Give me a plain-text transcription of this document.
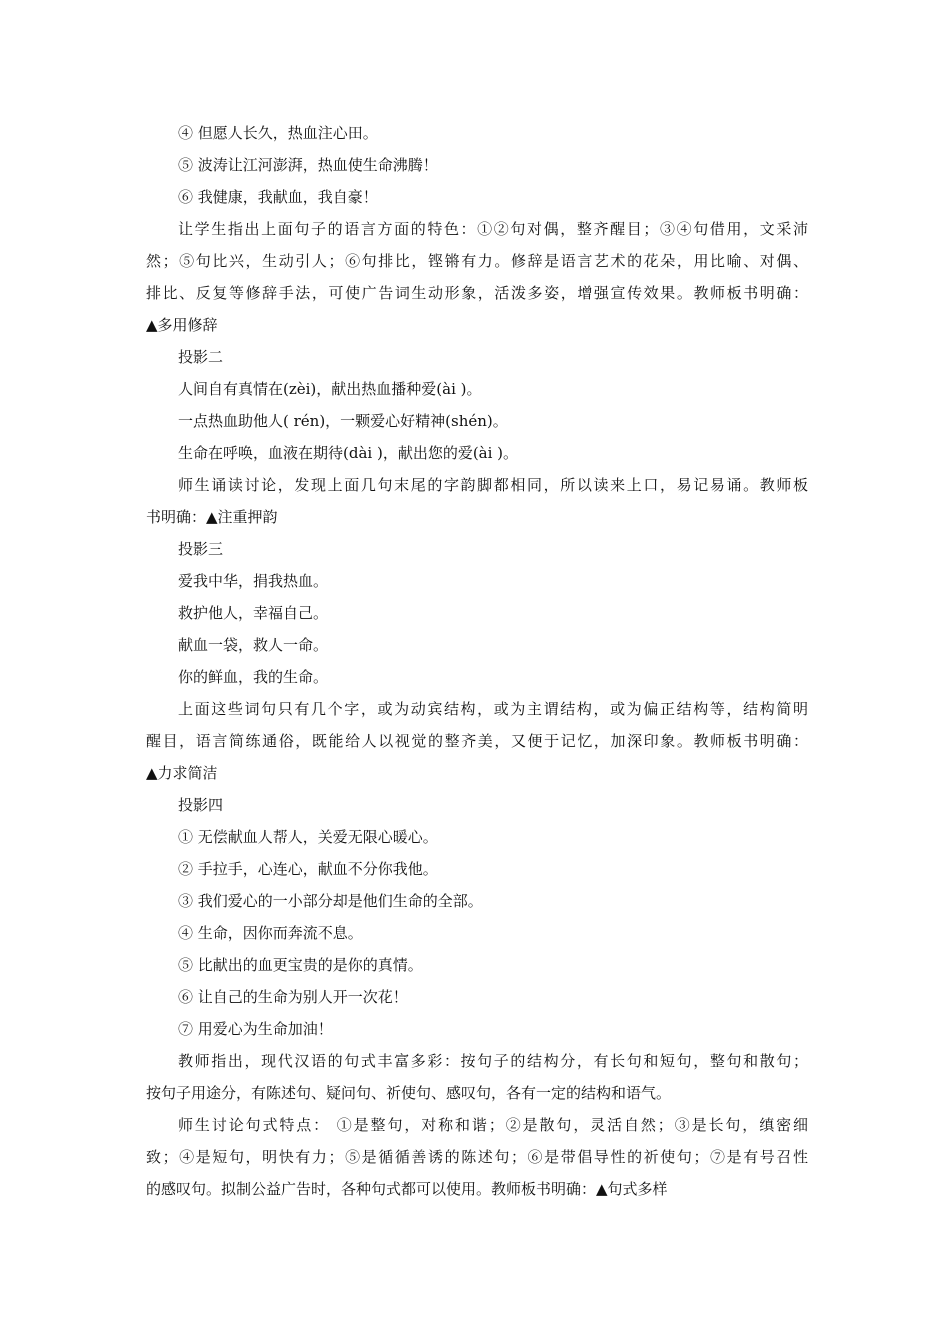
④ 但愿人长久，热血注心田。
⑤ 波涛让江河澎湃，热血使生命沸腾！
⑥ 我健康，我献血，我自豪！
让学生指出上面句子的语言方面的特色：①②句对偶，整齐醒目；③④句借用，文采沛
然；⑤句比兴，生动引人；⑥句排比，铿锵有力。修辞是语言艺术的花朵，用比喻、对偶、
排比、反复等修辞手法，可使广告词生动形象，活泼多姿，增强宣传效果。教师板书明确：
▲多用修辞
投影二
人间自有真情在(zèi)，献出热血播种爱(ài )。
一点热血助他人( rén)，一颗爱心好精神(shén)。
生命在呼唤，血液在期待(dài )，献出您的爱(ài )。
师生诵读讨论，发现上面几句末尾的字韵脚都相同，所以读来上口，易记易诵。教师板
书明确：▲注重押韵
投影三
爱我中华，捐我热血。
救护他人，幸福自己。
献血一袋，救人一命。
你的鲜血，我的生命。
上面这些词句只有几个字，或为动宾结构，或为主谓结构，或为偏正结构等，结构简明
醒目，语言简练通俗，既能给人以视觉的整齐美，又便于记忆，加深印象。教师板书明确：
▲力求简洁
投影四
① 无偿献血人帮人，关爱无限心暖心。
② 手拉手，心连心，献血不分你我他。
③ 我们爱心的一小部分却是他们生命的全部。
④ 生命，因你而奔流不息。
⑤ 比献出的血更宝贵的是你的真情。
⑥ 让自己的生命为别人开一次花！
⑦ 用爱心为生命加油！
教师指出，现代汉语的句式丰富多彩：按句子的结构分，有长句和短句，整句和散句；
按句子用途分，有陈述句、疑问句、祈使句、感叹句，各有一定的结构和语气。
师生讨论句式特点： ①是整句，对称和谐；②是散句，灵活自然；③是长句，缜密细
致；④是短句，明快有力；⑤是循循善诱的陈述句；⑥是带倡导性的祈使句；⑦是有号召性
的感叹句。拟制公益广告时，各种句式都可以使用。教师板书明确：▲句式多样
